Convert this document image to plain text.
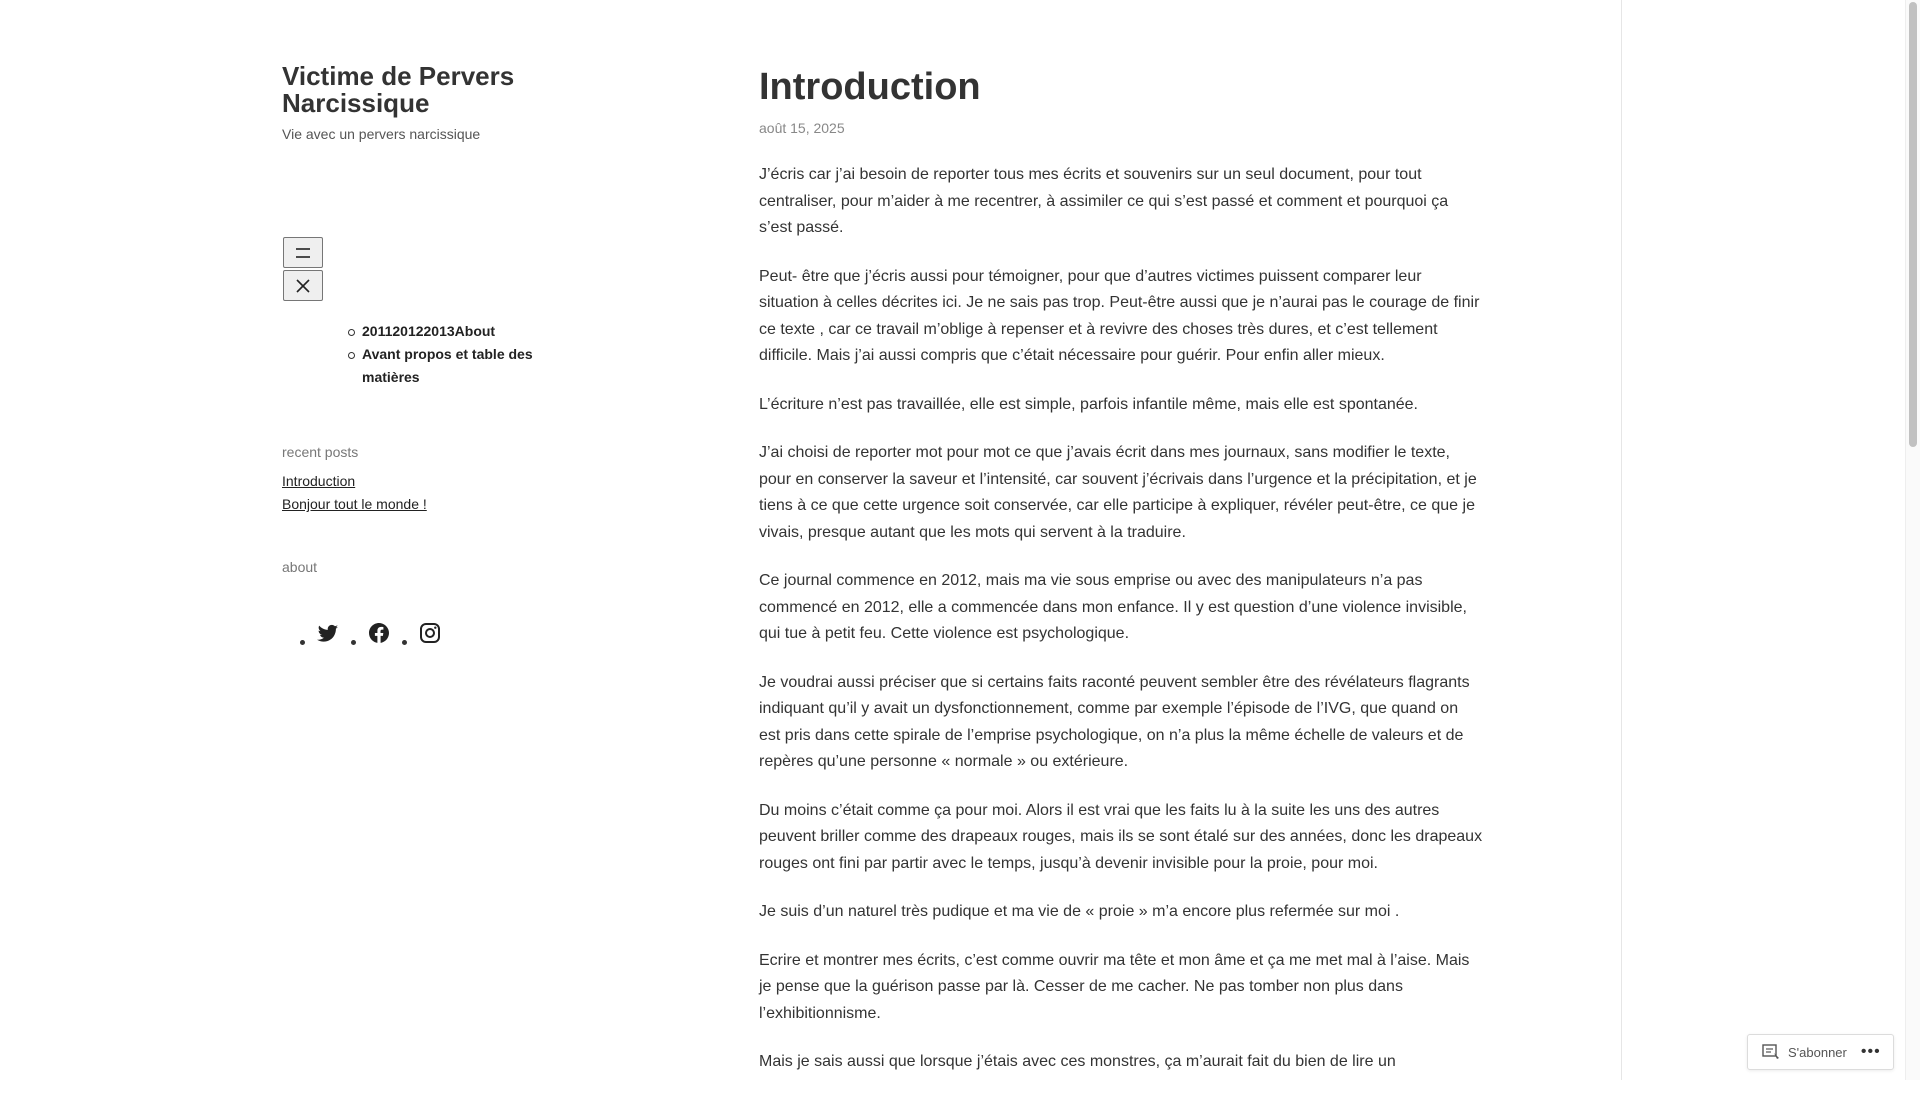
Victime de Pervers Narcissique
Vie avec un pervers narcissique
20112012201‌3About
Avant propos et table des matières
recent posts
Introduction
Bonjour tout le monde !
about
Introduction
août 15, 2025

J’écris car j’ai besoin de reporter tous mes écrits et souvenirs sur un seul document, pour tout centraliser, pour m’aider à me recentrer, à assimiler ce qui s’est passé et comment et pourquoi ça s’est passé.

Peut- être que j’écris aussi pour témoigner, pour que d’autres victimes puissent comparer leur situation à celles décrites ici. Je ne sais pas trop. Peut-être aussi que je n’aurai pas le courage de finir ce texte , car ce travail m’oblige à repenser et à revivre des choses très dures, et c’est tellement difficile. Mais j’ai aussi compris que c’était nécessaire pour guérir. Pour enfin aller mieux.

L’écriture n’est pas travaillée, elle est simple, parfois infantile même, mais elle est spontanée.

J’ai choisi de reporter mot pour mot ce que j’avais écrit dans mes journaux, sans modifier le texte, pour en conserver la saveur et l’intensité, car souvent j’écrivais dans l’urgence et la précipitation, et je tiens à ce que cette urgence soit conservée, car elle participe à expliquer, révéler peut-être, ce que je vivais, presque autant que les mots qui servent à la traduire.

Ce journal commence en 2012, mais ma vie sous emprise ou avec des manipulateurs n’a pas commencé en 2012, elle a commencée dans mon enfance. Il y est question d’une violence invisible, qui tue à petit feu. Cette violence est psychologique.

Je voudrai aussi préciser que si certains faits raconté peuvent sembler être des révélateurs flagrants indiquant qu’il y avait un dysfonctionnement, comme par exemple l’épisode de l’IVG, que quand on est pris dans cette spirale de l’emprise psychologique, on n’a plus la même échelle de valeurs et de repères qu’une personne « normale » ou extérieure.

Du moins c’était comme ça pour moi. Alors il est vrai que les faits lu à la suite les uns des autres peuvent briller comme des drapeaux rouges, mais ils se sont étalé sur des années, donc les drapeaux rouges ont fini par partir avec le temps, jusqu’à devenir invisible pour la proie, pour moi.

Je suis d’un naturel très pudique et ma vie de « proie » m’a encore plus refermée sur moi .

Ecrire et montrer mes écrits, c’est comme ouvrir ma tête et mon âme et ça me met mal à l’aise. Mais je pense que la guérison passe par là. Cesser de me cacher. Ne pas tomber non plus dans l’exhibitionnisme.

Mais je sais aussi que lorsque j’étais avec ces monstres, ça m’aurait fait du bien de lire un

S'abonner •••
